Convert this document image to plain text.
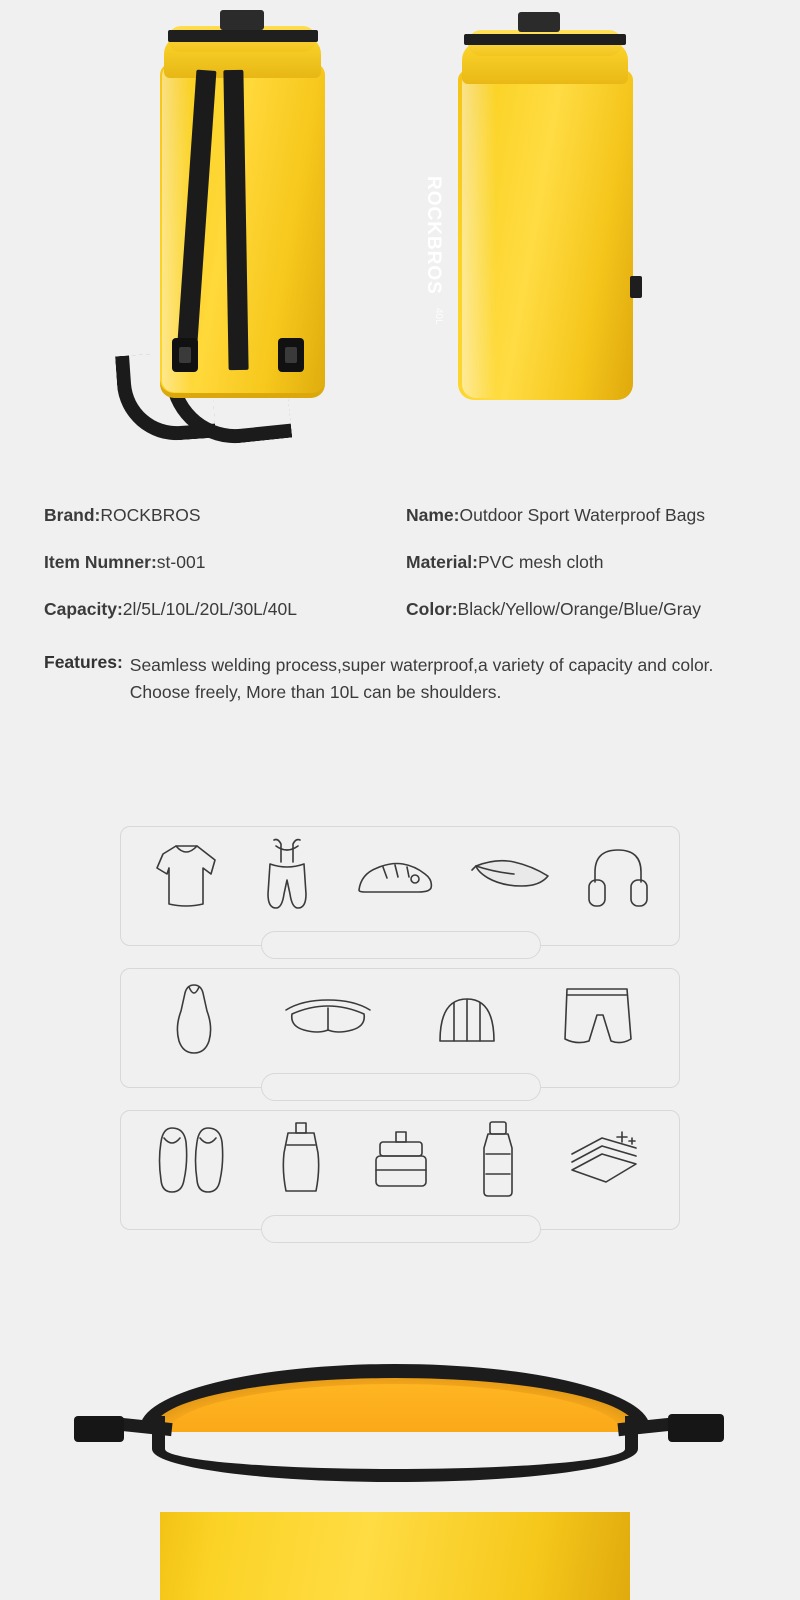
ROCKBROS
40L
Brand:ROCKBROS	Name:Outdoor Sport Waterproof Bags
Item Numner:st-001	Material:PVC mesh cloth
Capacity:2l/5L/10L/20L/30L/40L	Color:Black/Yellow/Orange/Blue/Gray
Features: Seamless welding process,super waterproof,a variety of capacity and color. Choose freely, More than 10L can be shoulders.
